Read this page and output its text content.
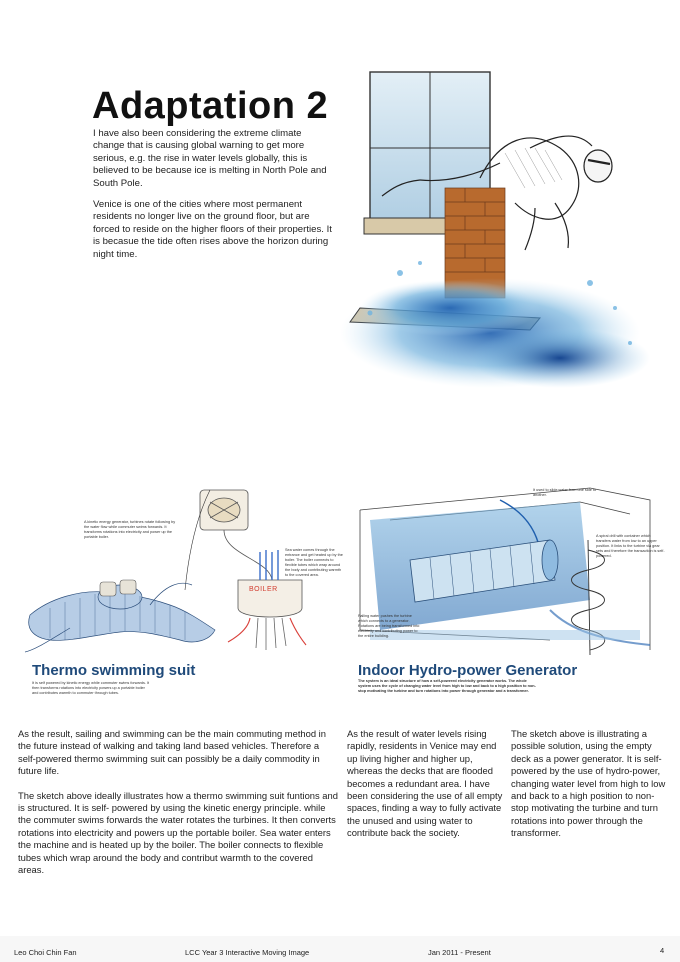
Adaptation 2

I have also been considering the extreme climate change that is causing global warning to get more serious, e.g. the rise in water levels globally, this is believed to be because ice is melting in North Pole and South Pole.

Venice is one of the cities where most permanent residents no longer live on the ground floor, but are forced to reside on the higher floors of their properties. It is becasue the tide often rises above the horizon during night time.

A kinetic energy generator, turbines rotate following by the water flow while commuter swims forwards. It transforms rotations into electricity and power up the portable boiler.
Sea water comes through the entrance and get heated up by the boiler. The boiler connects to flexible tubes which wrap around the body and contributing warmth to the covered area.
BOILER
It used to slide water from one side to another.
A spiral drill with container which transfers water from low to an upper position. It links to the turbine via gear sets and therefore the transaction is self-powered.
Falling water pushes the turbine which connects to a generator. Rotations are being transformed into electricity and contributing power to the entire building.
Thermo swimming suit
It is self powered by kinetic energy while commuter swims forwards. It then transforms rotations into electricity powers up a portable boiler and contributes warmth to commuter through tubes.
Indoor Hydro-power Generator
The system is an ideal structure of how a self-powered electricity generator works. The whole system uses the cycle of changing water level from high to low and back to a high position to non-stop motivating the turbine and turn rotations into power through generator and a transformer.

As the result, sailing and swimming can be the main commuting method in the future instead of walking and taking land based vehicles. Therefore a self-powered thermo swimming suit can possibly be a daily commodity in future life.

The sketch above ideally illustrates how a thermo swimming suit funtions and is structured. It is self- powered by using the kinetic energy principle. while the commuter swims forwards the water rotates the turbines. It then converts rotations into electricity and powers up the portable boiler. Sea water enters the machine and is heated up by the boiler. The boiler connects to flexible tubes which wrap around the body and contribut warmth to the covered areas.

As the result of water levels rising rapidly, residents in Venice may end up living higher and higher up, whereas the decks that are flooded becomes a redundant area. I have been considering the use of all empty spaces, finding a way to fully activate the unused and using water to contribute back the society.

The sketch above is illustrating a possible solution, using the empty deck as a power generator. It is self- powered by the use of hydro-power, changing water level from high to low and back to a high position to non-stop motivating the turbine and turn rotations into power through the transformer.

Leo Choi Chin Fan	LCC Year 3 Interactive Moving Image	Jan 2011 - Present	4
